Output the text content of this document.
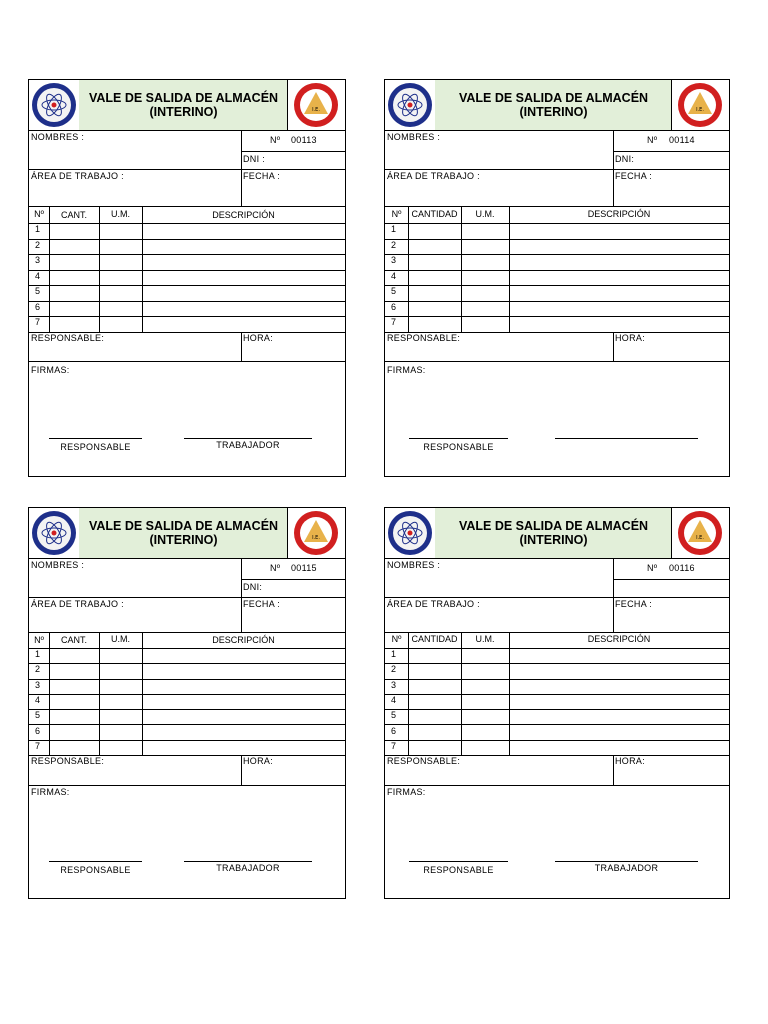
VALE DE SALIDA DE ALMACÉN
(INTERINO)	I.E.
NOMBRES :	Nº 00113
DNI :
ÁREA DE TRABAJO :	FECHA :
Nº	CANT.	U.M.	DESCRIPCIÓN
1
2
3
4
5
6
7
RESPONSABLE:	HORA:
FIRMAS:
RESPONSABLE	TRABAJADOR
VALE DE SALIDA DE ALMACÉN
(INTERINO)	I.E.
NOMBRES :	Nº 00114
DNI:
ÁREA DE TRABAJO :	FECHA :
Nº	CANTIDAD	U.M.	DESCRIPCIÓN
1
2
3
4
5
6
7
RESPONSABLE:	HORA:
FIRMAS:
RESPONSABLE
VALE DE SALIDA DE ALMACÉN
(INTERINO)	I.E.
NOMBRES :	Nº 00115
DNI:
ÁREA DE TRABAJO :	FECHA :
Nº	CANT.	U.M.	DESCRIPCIÓN
1
2
3
4
5
6
7
RESPONSABLE:	HORA:
FIRMAS:
RESPONSABLE	TRABAJADOR
VALE DE SALIDA DE ALMACÉN
(INTERINO)	I.E.
NOMBRES :	Nº 00116
ÁREA DE TRABAJO :	FECHA :
Nº	CANTIDAD	U.M.	DESCRIPCIÓN
1
2
3
4
5
6
7
RESPONSABLE:	HORA:
FIRMAS:
RESPONSABLE	TRABAJADOR
